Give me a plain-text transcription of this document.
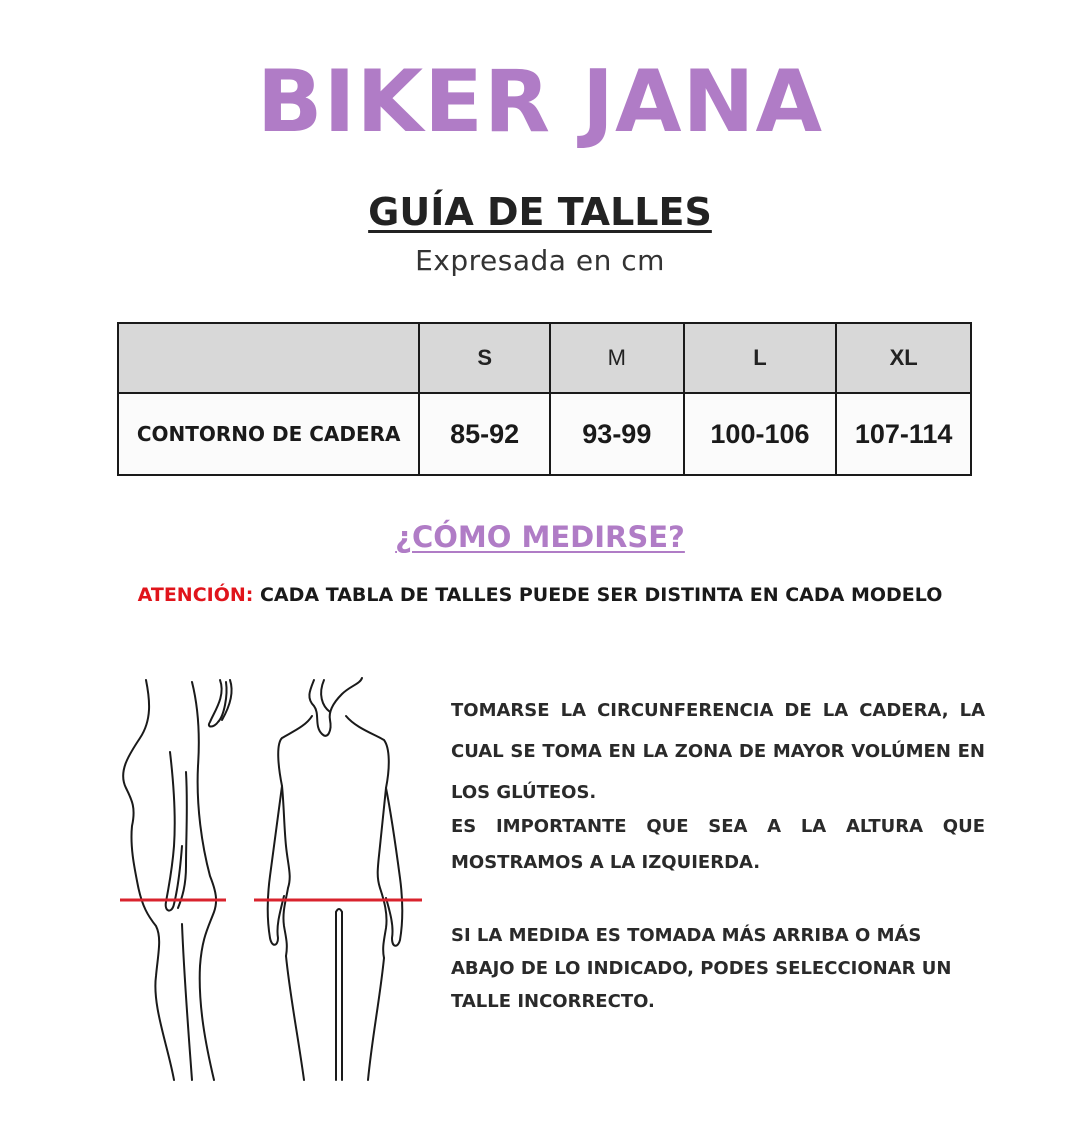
BIKER JANA
GUÍA DE TALLES
Expresada en cm
	S	M	L	XL
CONTORNO DE CADERA	85-92	93-99	100-106	107-114
¿CÓMO MEDIRSE?
ATENCIÓN: CADA TABLA DE TALLES PUEDE SER DISTINTA EN CADA MODELO

TOMARSE LA CIRCUNFERENCIA DE LA CADERA, LA CUAL SE TOMA EN LA ZONA DE MAYOR VOLÚMEN EN LOS GLÚTEOS.

ES IMPORTANTE QUE SEA A LA ALTURA QUE MOSTRAMOS A LA IZQUIERDA.

SI LA MEDIDA ES TOMADA MÁS ARRIBA O MÁS ABAJO DE LO INDICADO, PODES SELECCIONAR UN TALLE INCORRECTO.
